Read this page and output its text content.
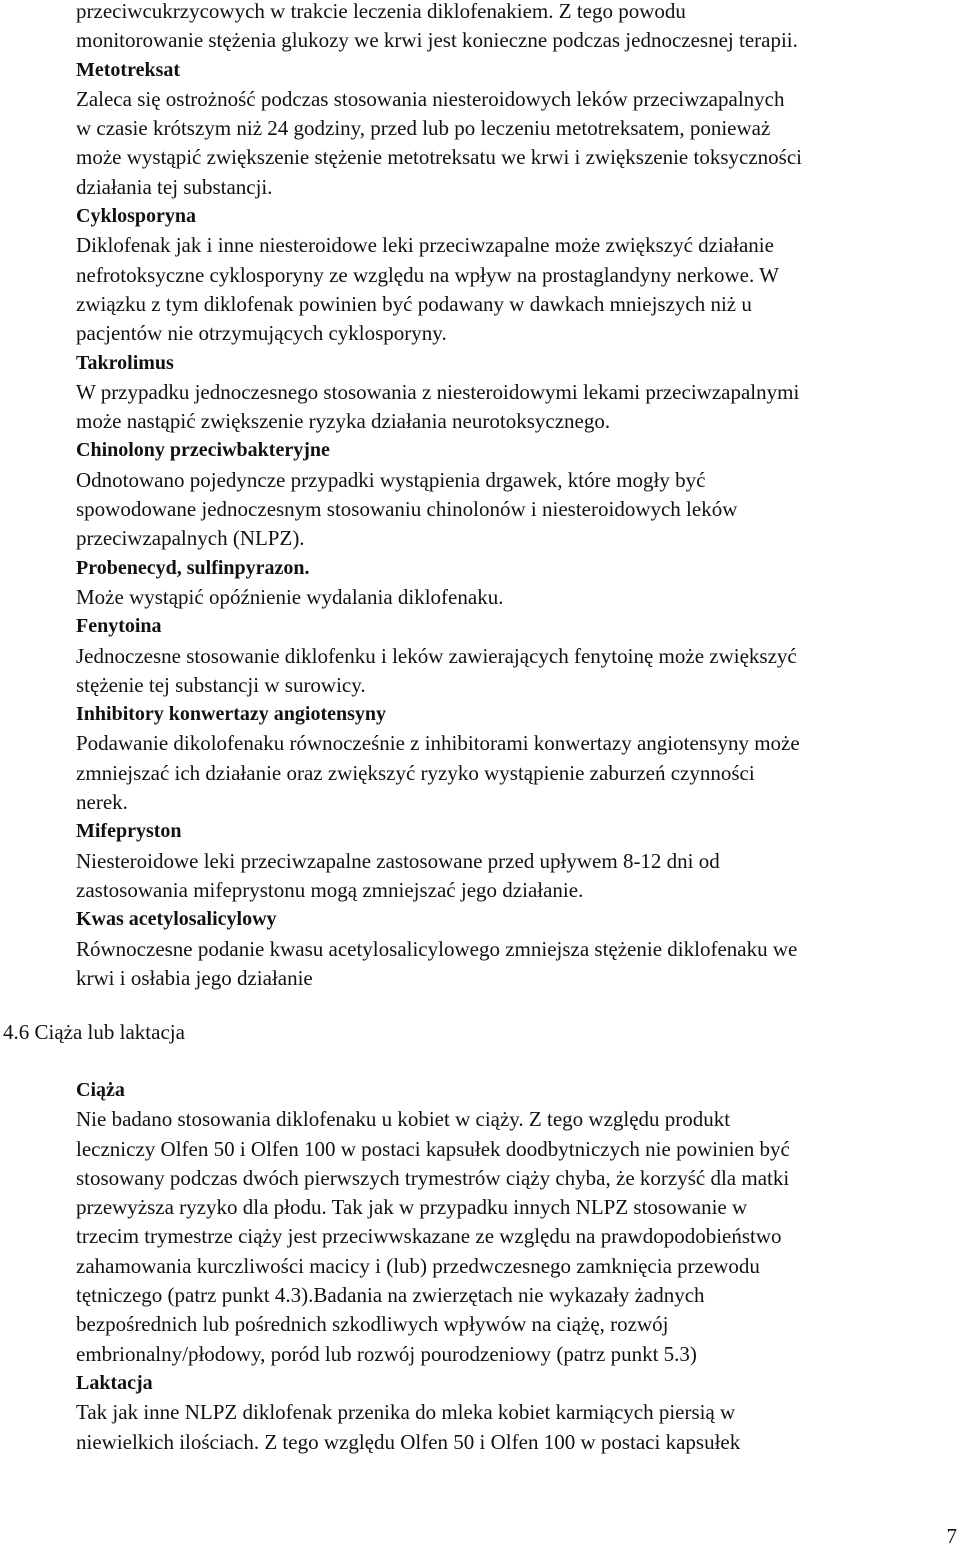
przeciwcukrzycowych w trakcie leczenia diklofenakiem. Z tego powodu
monitorowanie stężenia glukozy we krwi jest konieczne podczas jednoczesnej terapii.
Metotreksat
Zaleca się ostrożność podczas stosowania niesteroidowych leków przeciwzapalnych
w czasie krótszym niż 24 godziny, przed lub po leczeniu metotreksatem, ponieważ
może wystąpić zwiększenie stężenie metotreksatu we krwi i zwiększenie toksyczności
działania tej substancji.
Cyklosporyna
Diklofenak jak i inne niesteroidowe leki przeciwzapalne może zwiększyć działanie
nefrotoksyczne cyklosporyny ze względu na wpływ na prostaglandyny nerkowe. W
związku z tym diklofenak powinien być podawany w dawkach mniejszych niż u
pacjentów nie otrzymujących cyklosporyny.
Takrolimus
W przypadku jednoczesnego stosowania z niesteroidowymi lekami przeciwzapalnymi
może nastąpić zwiększenie ryzyka działania neurotoksycznego.
Chinolony przeciwbakteryjne
Odnotowano pojedyncze przypadki wystąpienia drgawek, które mogły być
spowodowane jednoczesnym stosowaniu chinolonów i niesteroidowych leków
przeciwzapalnych (NLPZ).
Probenecyd, sulfinpyrazon.
Może wystąpić opóźnienie wydalania diklofenaku.
Fenytoina
Jednoczesne stosowanie diklofenku i leków zawierających fenytoinę może zwiększyć
stężenie tej substancji w surowicy.
Inhibitory konwertazy angiotensyny
Podawanie dikolofenaku równocześnie z inhibitorami konwertazy angiotensyny może
zmniejszać ich działanie oraz zwiększyć ryzyko wystąpienie zaburzeń czynności
nerek.
Mifepryston
Niesteroidowe leki przeciwzapalne zastosowane przed upływem 8-12 dni od
zastosowania mifeprystonu mogą zmniejszać jego działanie.
Kwas acetylosalicylowy
Równoczesne podanie kwasu acetylosalicylowego zmniejsza stężenie diklofenaku we
krwi i osłabia jego działanie
4.6 Ciąża lub laktacja
Ciąża
Nie badano stosowania diklofenaku u kobiet w ciąży. Z tego względu produkt
leczniczy Olfen 50 i Olfen 100 w postaci kapsułek doodbytniczych nie powinien być
stosowany podczas dwóch pierwszych trymestrów ciąży chyba, że korzyść dla matki
przewyższa ryzyko dla płodu. Tak jak w przypadku innych NLPZ stosowanie w
trzecim trymestrze ciąży jest przeciwwskazane ze względu na prawdopodobieństwo
zahamowania kurczliwości macicy i (lub) przedwczesnego zamknięcia przewodu
tętniczego (patrz punkt 4.3).Badania na zwierzętach nie wykazały żadnych
bezpośrednich lub pośrednich szkodliwych wpływów na ciążę, rozwój
embrionalny/płodowy, poród lub rozwój pourodzeniowy (patrz punkt 5.3)
Laktacja
Tak jak inne NLPZ diklofenak przenika do mleka kobiet karmiących piersią w
niewielkich ilościach. Z tego względu Olfen 50 i Olfen 100 w postaci kapsułek
7
